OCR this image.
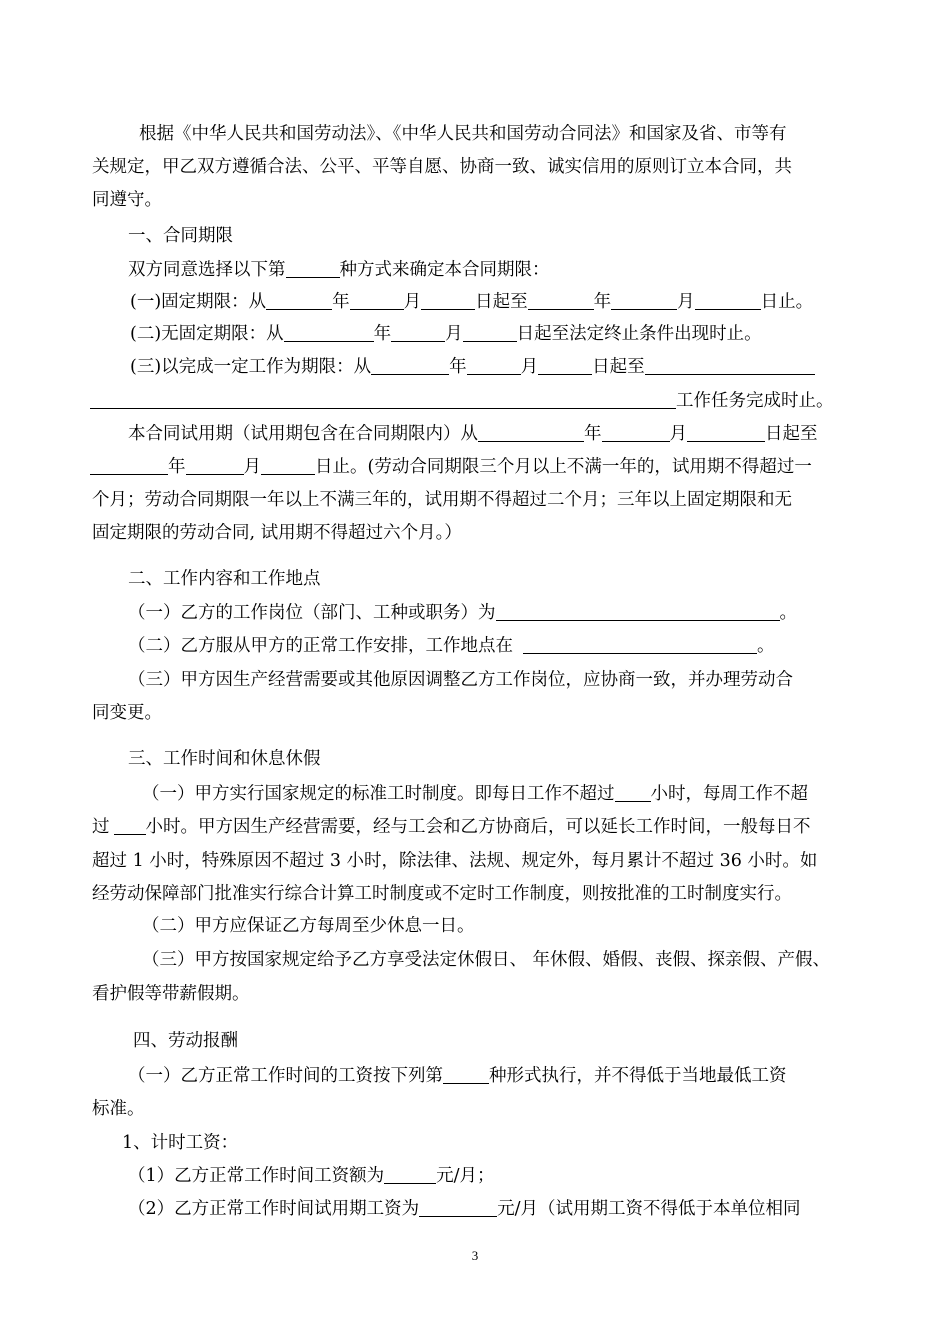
根据《中华人民共和国劳动法》、《中华人民共和国劳动合同法》和国家及省、市等有
关规定，甲乙双方遵循合法、公平、平等自愿、协商一致、诚实信用的原则订立本合同，共
同遵守。
一、合同期限
双方同意选择以下第	种方式来确定本合同期限：
(一)固定期限：从	年	月	日起至	年	月	日止。
(二)无固定期限：从	年	月	日起至法定终止条件出现时止。
(三)以完成一定工作为期限：从	年	月	日起至
工作任务完成时止。
本合同试用期（试用期包含在合同期限内）从	年	月	日起至
年	月	日止。(劳动合同期限三个月以上不满一年的，试用期不得超过一
个月；劳动合同期限一年以上不满三年的，试用期不得超过二个月；三年以上固定期限和无
固定期限的劳动合同, 试用期不得超过六个月。）
二、工作内容和工作地点
（一）乙方的工作岗位（部门、工种或职务）为	。
（二）乙方服从甲方的正常工作安排，工作地点在	。
（三）甲方因生产经营需要或其他原因调整乙方工作岗位，应协商一致，并办理劳动合
同变更。
三、工作时间和休息休假
（一）甲方实行国家规定的标准工时制度。即每日工作不超过 小时，每周工作不超
过 小时。甲方因生产经营需要，经与工会和乙方协商后，可以延长工作时间，一般每日不
超过 1 小时，特殊原因不超过 3 小时，除法律、法规、规定外，每月累计不超过 36 小时。如
经劳动保障部门批准实行综合计算工时制度或不定时工作制度，则按批准的工时制度实行。
（二）甲方应保证乙方每周至少休息一日。
（三）甲方按国家规定给予乙方享受法定休假日、 年休假、婚假、丧假、探亲假、产假、
看护假等带薪假期。
四、劳动报酬
（一）乙方正常工作时间的工资按下列第	种形式执行，并不得低于当地最低工资
标准。
1、计时工资：
（1）乙方正常工作时间工资额为	元/月；
（2）乙方正常工作时间试用期工资为	元/月（试用期工资不得低于本单位相同
3
